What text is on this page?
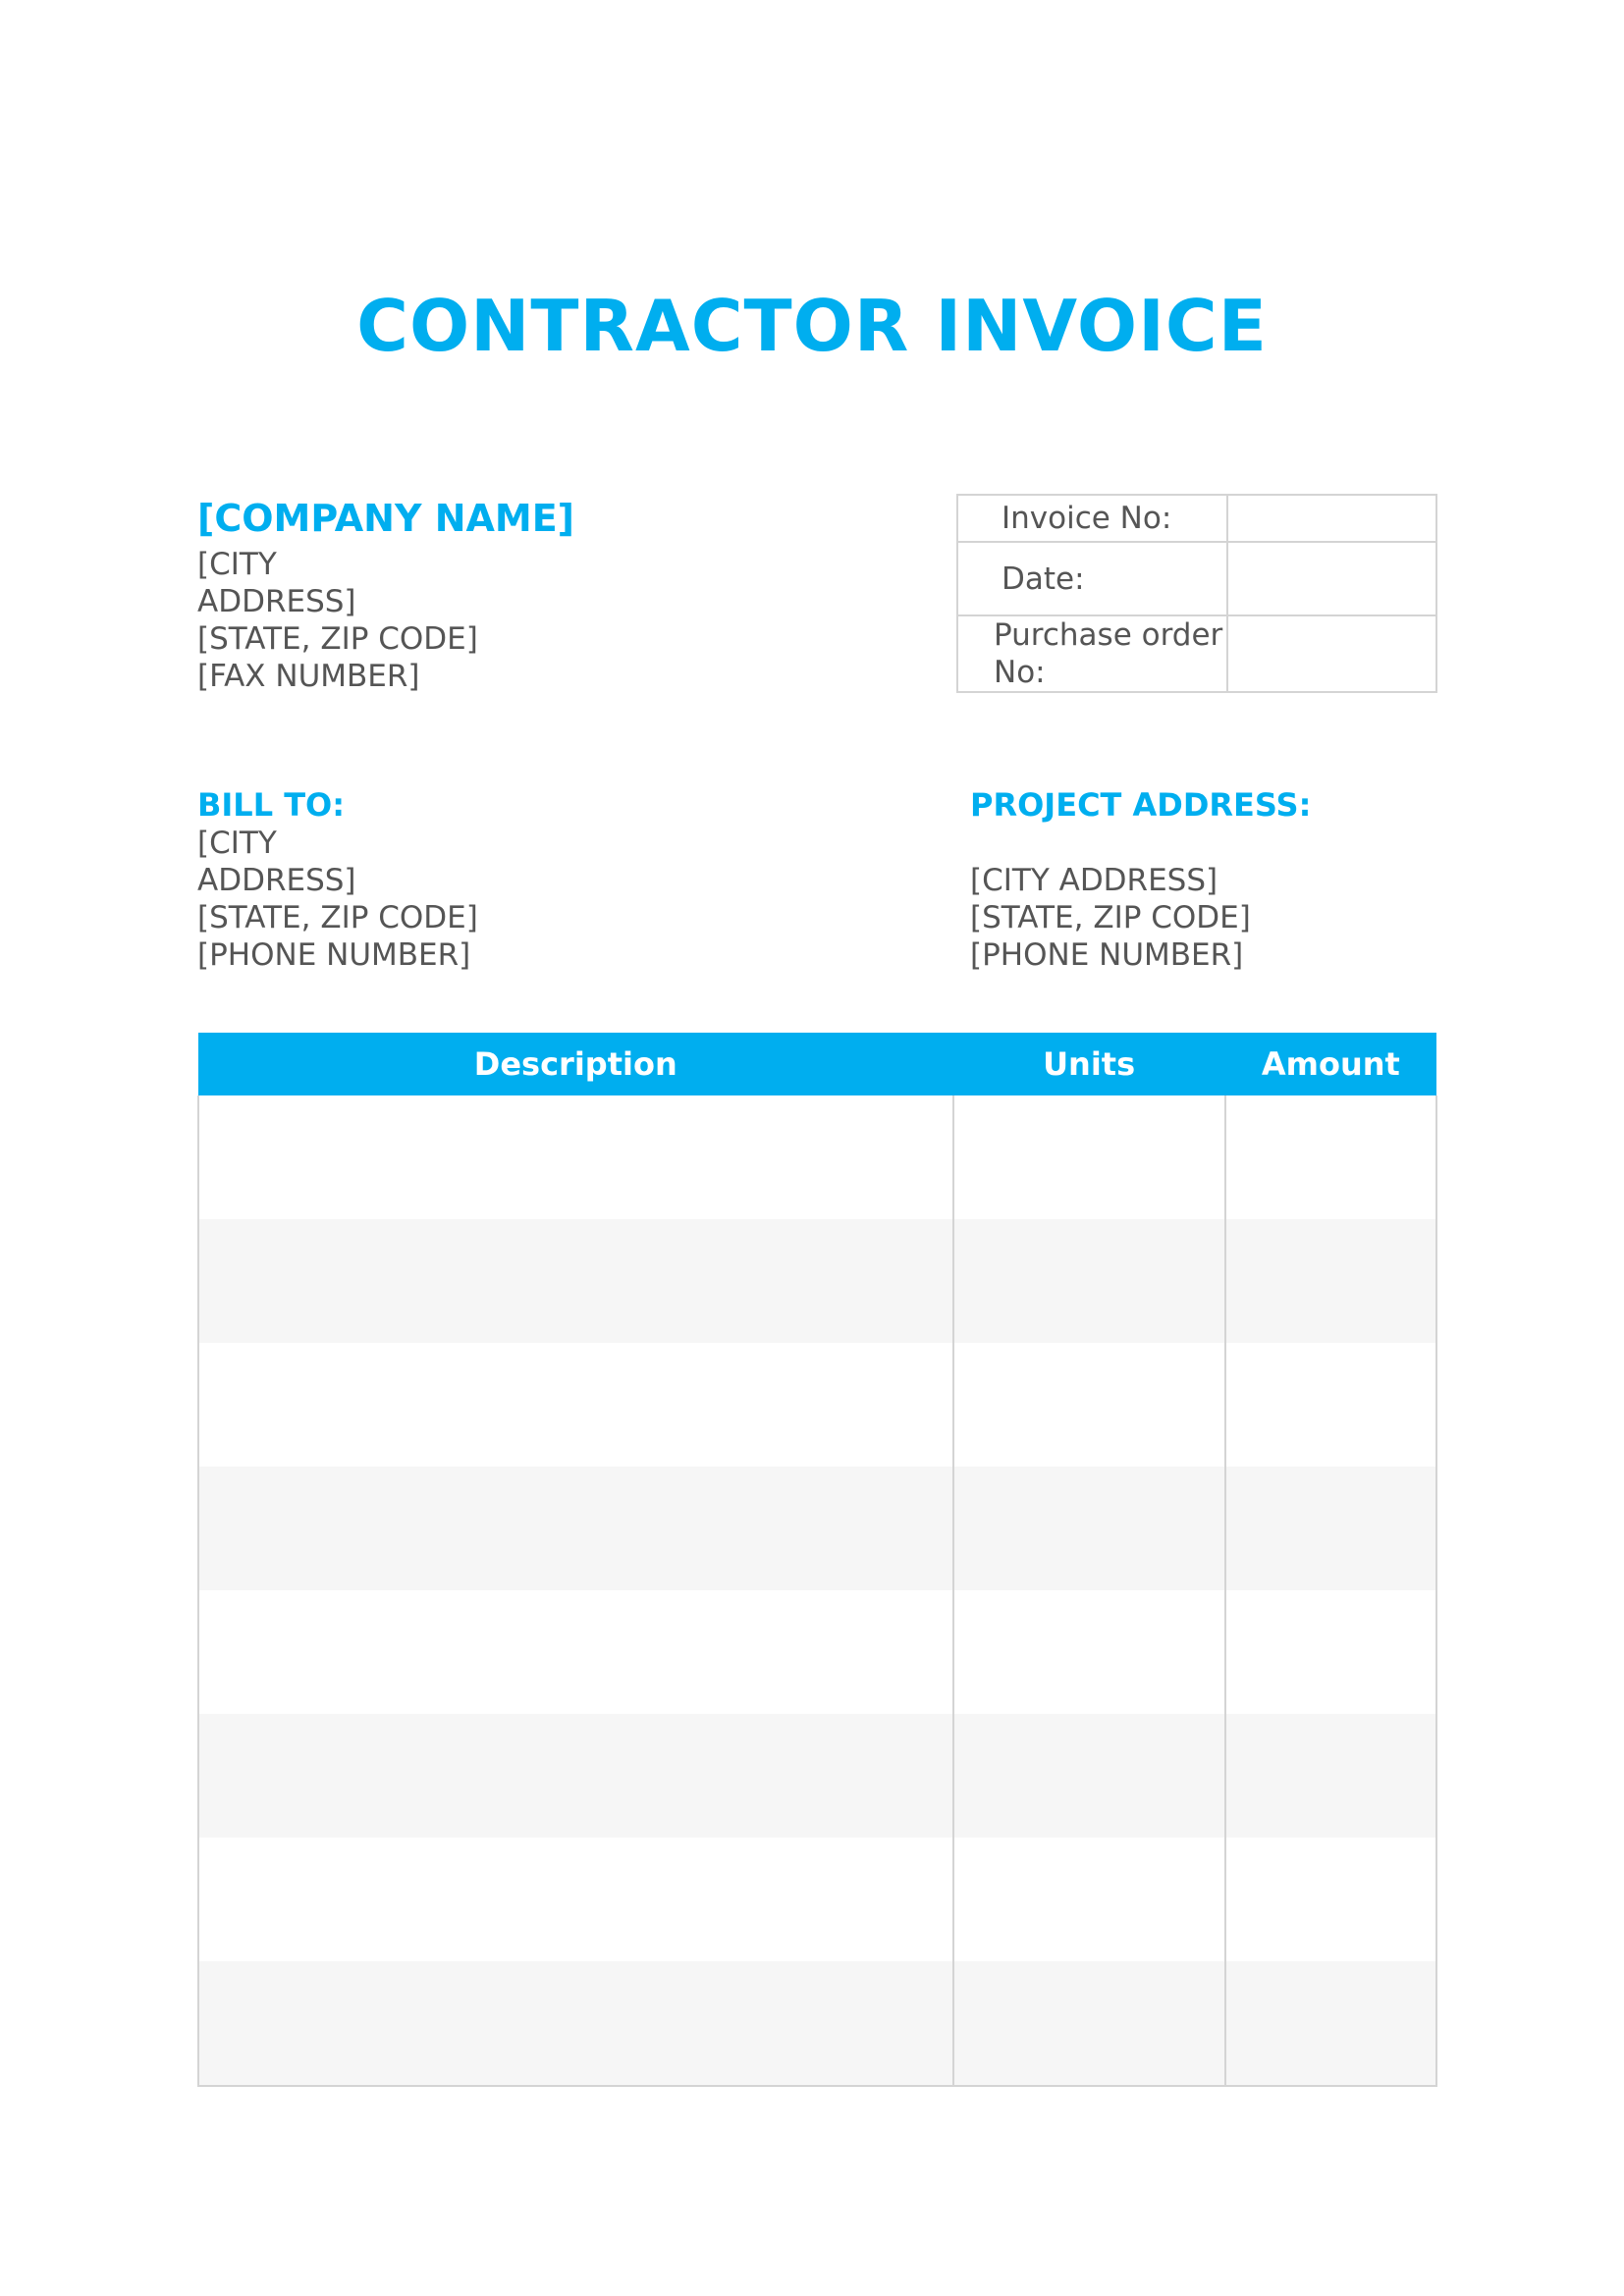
CONTRACTOR INVOICE
[COMPANY NAME]
[CITY ADDRESS]
[STATE, ZIP CODE]
[FAX NUMBER]
Invoice No:	
Date:	
Purchase order No:	
BILL TO:
[CITY ADDRESS]
[STATE, ZIP CODE]
[PHONE NUMBER]
PROJECT ADDRESS:
[CITY ADDRESS]
[STATE, ZIP CODE]
[PHONE NUMBER]
Description	Units	Amount
